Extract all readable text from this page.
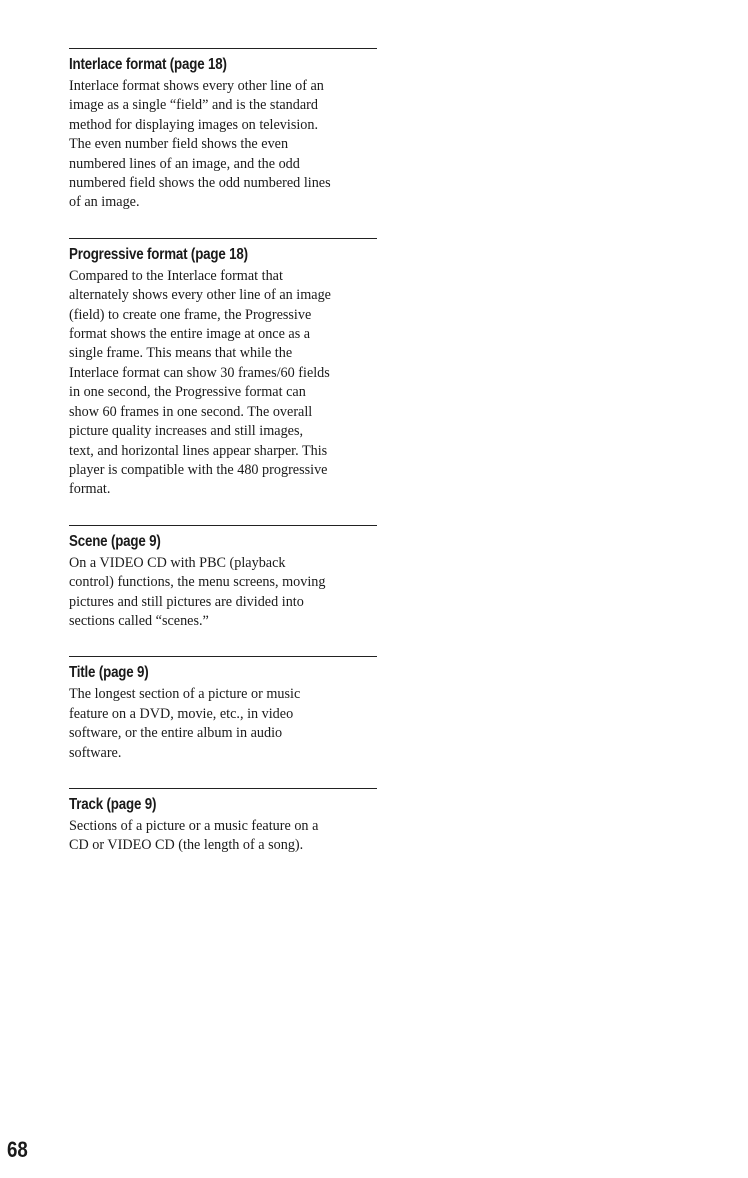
Interlace format (page 18)

Interlace format shows every other line of an
image as a single “field” and is the standard
method for displaying images on television.
The even number field shows the even
numbered lines of an image, and the odd
numbered field shows the odd numbered lines
of an image.

Progressive format (page 18)

Compared to the Interlace format that
alternately shows every other line of an image
(field) to create one frame, the Progressive
format shows the entire image at once as a
single frame. This means that while the
Interlace format can show 30 frames/60 fields
in one second, the Progressive format can
show 60 frames in one second. The overall
picture quality increases and still images,
text, and horizontal lines appear sharper. This
player is compatible with the 480 progressive
format.

Scene (page 9)

On a VIDEO CD with PBC (playback
control) functions, the menu screens, moving
pictures and still pictures are divided into
sections called “scenes.”

Title (page 9)

The longest section of a picture or music
feature on a DVD, movie, etc., in video
software, or the entire album in audio
software.

Track (page 9)

Sections of a picture or a music feature on a
CD or VIDEO CD (the length of a song).

68
